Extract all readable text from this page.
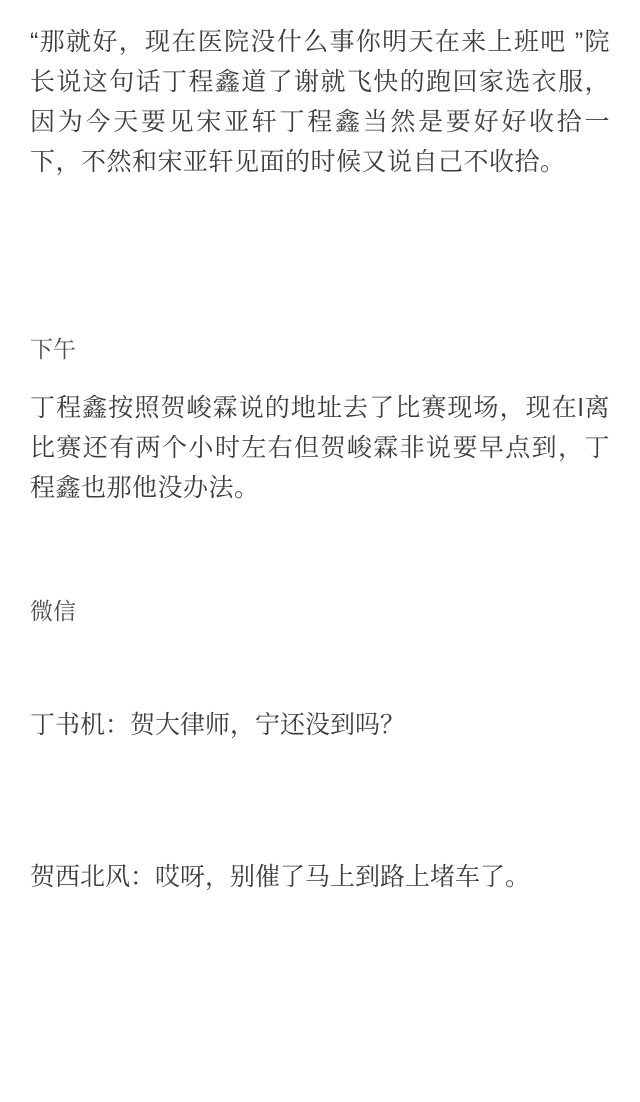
“那就好，现在医院没什么事你明天在来上班吧 ”院长说这句话丁程鑫道了谢就飞快的跑回家选衣服，因为今天要见宋亚轩丁程鑫当然是要好好收拾一下，不然和宋亚轩见面的时候又说自己不收拾。

下午

丁程鑫按照贺峻霖说的地址去了比赛现场，现在l离比赛还有两个小时左右但贺峻霖非说要早点到，丁程鑫也那他没办法。

微信

丁书机：贺大律师，宁还没到吗？

贺西北风：哎呀，别催了马上到路上堵车了。
